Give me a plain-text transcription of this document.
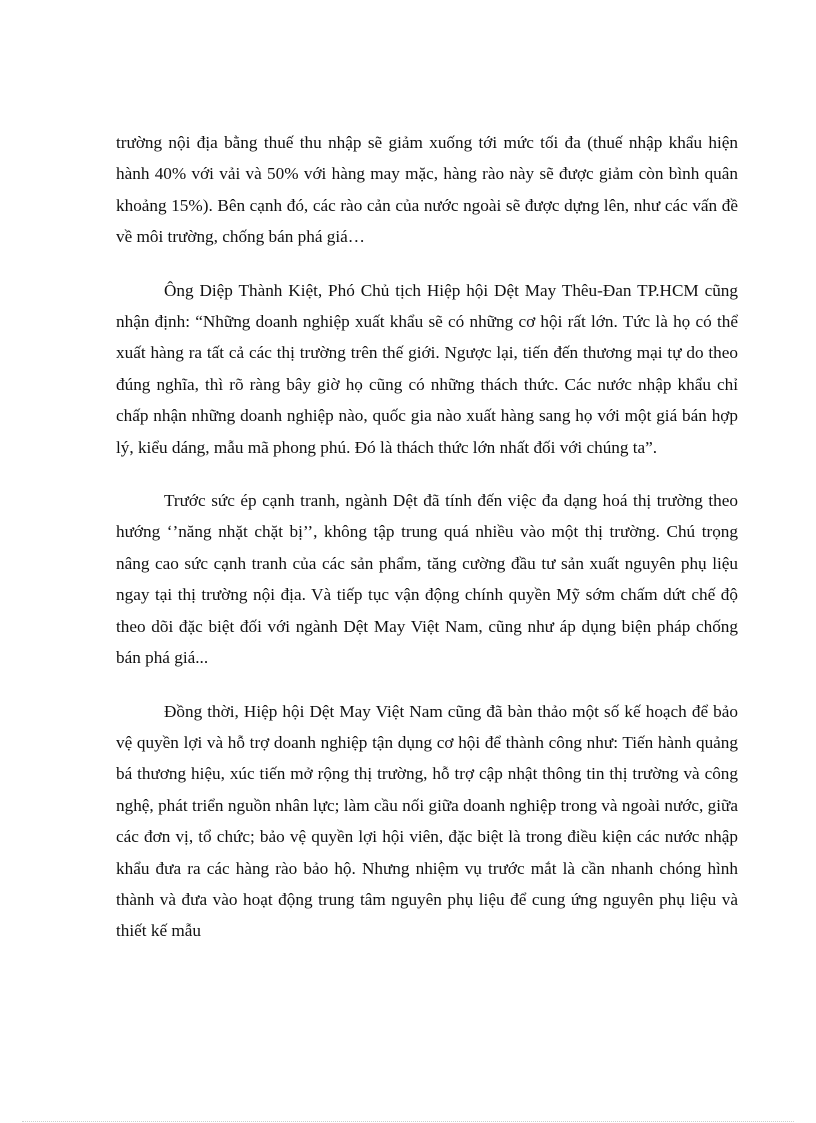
trường nội địa bằng thuế thu nhập sẽ giảm xuống tới mức tối đa (thuế nhập khẩu hiện hành 40% với vải và 50% với hàng may mặc, hàng rào này sẽ được giảm còn bình quân khoảng 15%). Bên cạnh đó, các rào cản của nước ngoài sẽ được dựng lên, như các vấn đề về môi trường, chống bán phá giá…

Ông Diệp Thành Kiệt, Phó Chủ tịch Hiệp hội Dệt May Thêu-Đan TP.HCM cũng nhận định: “Những doanh nghiệp xuất khẩu sẽ có những cơ hội rất lớn. Tức là họ có thể xuất hàng ra tất cả các thị trường trên thế giới. Ngược lại, tiến đến thương mại tự do theo đúng nghĩa, thì rõ ràng bây giờ họ cũng có những thách thức. Các nước nhập khẩu chỉ chấp nhận những doanh nghiệp nào, quốc gia nào xuất hàng sang họ với một giá bán hợp lý, kiểu dáng, mẫu mã phong phú. Đó là thách thức lớn nhất đối với chúng ta”.

Trước sức ép cạnh tranh, ngành Dệt đã tính đến việc đa dạng hoá thị trường theo hướng ‘’năng nhặt chặt bị’’, không tập trung quá nhiều vào một thị trường. Chú trọng nâng cao sức cạnh tranh của các sản phẩm, tăng cường đầu tư sản xuất nguyên phụ liệu ngay tại thị trường nội địa. Và tiếp tục vận động chính quyền Mỹ sớm chấm dứt chế độ theo dõi đặc biệt đối với ngành Dệt May Việt Nam, cũng như áp dụng biện pháp chống bán phá giá...

Đồng thời, Hiệp hội Dệt May Việt Nam cũng đã bàn thảo một số kế hoạch để bảo vệ quyền lợi và hỗ trợ doanh nghiệp tận dụng cơ hội để thành công như: Tiến hành quảng bá thương hiệu, xúc tiến mở rộng thị trường, hỗ trợ cập nhật thông tin thị trường và công nghệ, phát triển nguồn nhân lực; làm cầu nối giữa doanh nghiệp trong và ngoài nước, giữa các đơn vị, tổ chức; bảo vệ quyền lợi hội viên, đặc biệt là trong điều kiện các nước nhập khẩu đưa ra các hàng rào bảo hộ. Nhưng nhiệm vụ trước mắt là cần nhanh chóng hình thành và đưa vào hoạt động trung tâm nguyên phụ liệu để cung ứng nguyên phụ liệu và thiết kế mẫu
